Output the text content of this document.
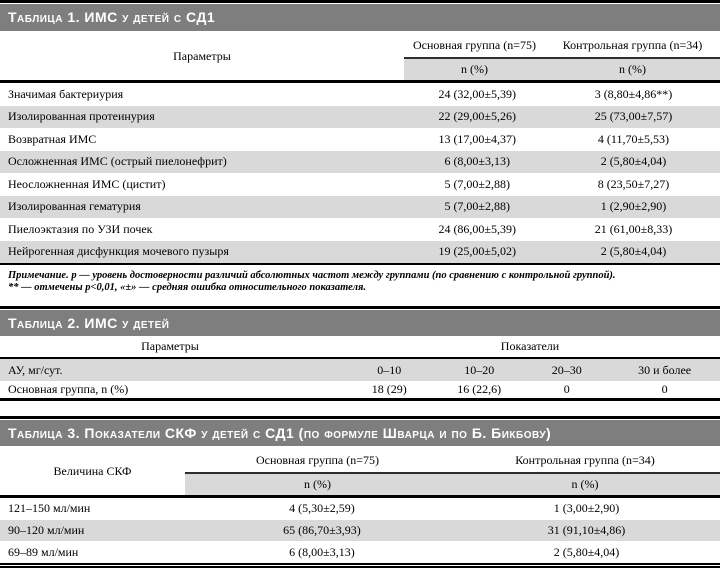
Таблица 1. ИМС у детей с СД1
Параметры
Основная группа (n=75)	Контрольная группа (n=34)
n (%)	n (%)
Значимая бактериурия	24 (32,00±5,39)	3 (8,80±4,86**)
Изолированная протеинурия	22 (29,00±5,26)	25 (73,00±7,57)
Возвратная ИМС	13 (17,00±4,37)	4 (11,70±5,53)
Осложненная ИМС (острый пиелонефрит)	6 (8,00±3,13)	2 (5,80±4,04)
Неосложненная ИМС (цистит)	5 (7,00±2,88)	8 (23,50±7,27)
Изолированная гематурия	5 (7,00±2,88)	1 (2,90±2,90)
Пиелоэктазия по УЗИ почек	24 (86,00±5,39)	21 (61,00±8,33)
Нейрогенная дисфункция мочевого пузыря	19 (25,00±5,02)	2 (5,80±4,04)
Примечание. р — уровень достоверности различий абсолютных частот между группами (по сравнению с контрольной группой).
** — отмечены р<0,01, «±» — средняя ошибка относительного показателя.
Таблица 2. ИМС у детей
Параметры	Показатели
АУ, мг/сут.	0–10	10–20	20–30	30 и более
Основная группа, n (%)	18 (29)	16 (22,6)	0	0
Таблица 3. Показатели СКФ у детей с СД1 (по формуле Шварца и по Б. Бикбову)
Величина СКФ
Основная группа (n=75)	Контрольная группа (n=34)
n (%)	n (%)
121–150 мл/мин	4 (5,30±2,59)	1 (3,00±2,90)
90–120 мл/мин	65 (86,70±3,93)	31 (91,10±4,86)
69–89 мл/мин	6 (8,00±3,13)	2 (5,80±4,04)
